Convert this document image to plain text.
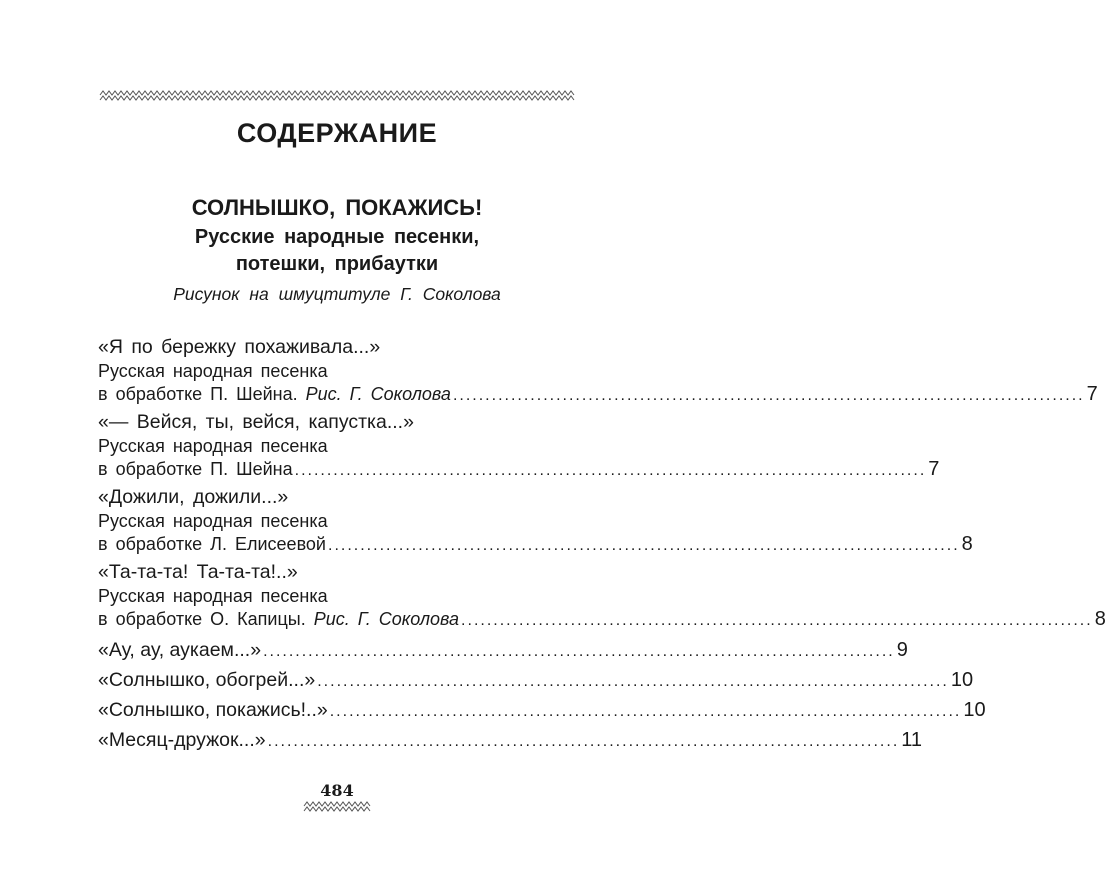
СОДЕРЖАНИЕ
СОЛНЫШКО, ПОКАЖИСЬ!
Русские народные песенки,
потешки, прибаутки
Рисунок на шмуцтитуле Г. Соколова
«Я по бережку похаживала...»
Русская народная песенка
в обработке П. Шейна. Рис. Г. Соколова .................................................................................................. 7
«— Вейся, ты, вейся, капустка...»
Русская народная песенка
в обработке П. Шейна .................................................................................................. 7
«Дожили, дожили...»
Русская народная песенка
в обработке Л. Елисеевой .................................................................................................. 8
«Та-та-та! Та-та-та!..»
Русская народная песенка
в обработке О. Капицы. Рис. Г. Соколова .................................................................................................. 8
«Ау, ау, аукаем...» .................................................................................................. 9
«Солнышко, обогрей...» .................................................................................................. 10
«Солнышко, покажись!..» .................................................................................................. 10
«Месяц-дружок...» .................................................................................................. 11
484
